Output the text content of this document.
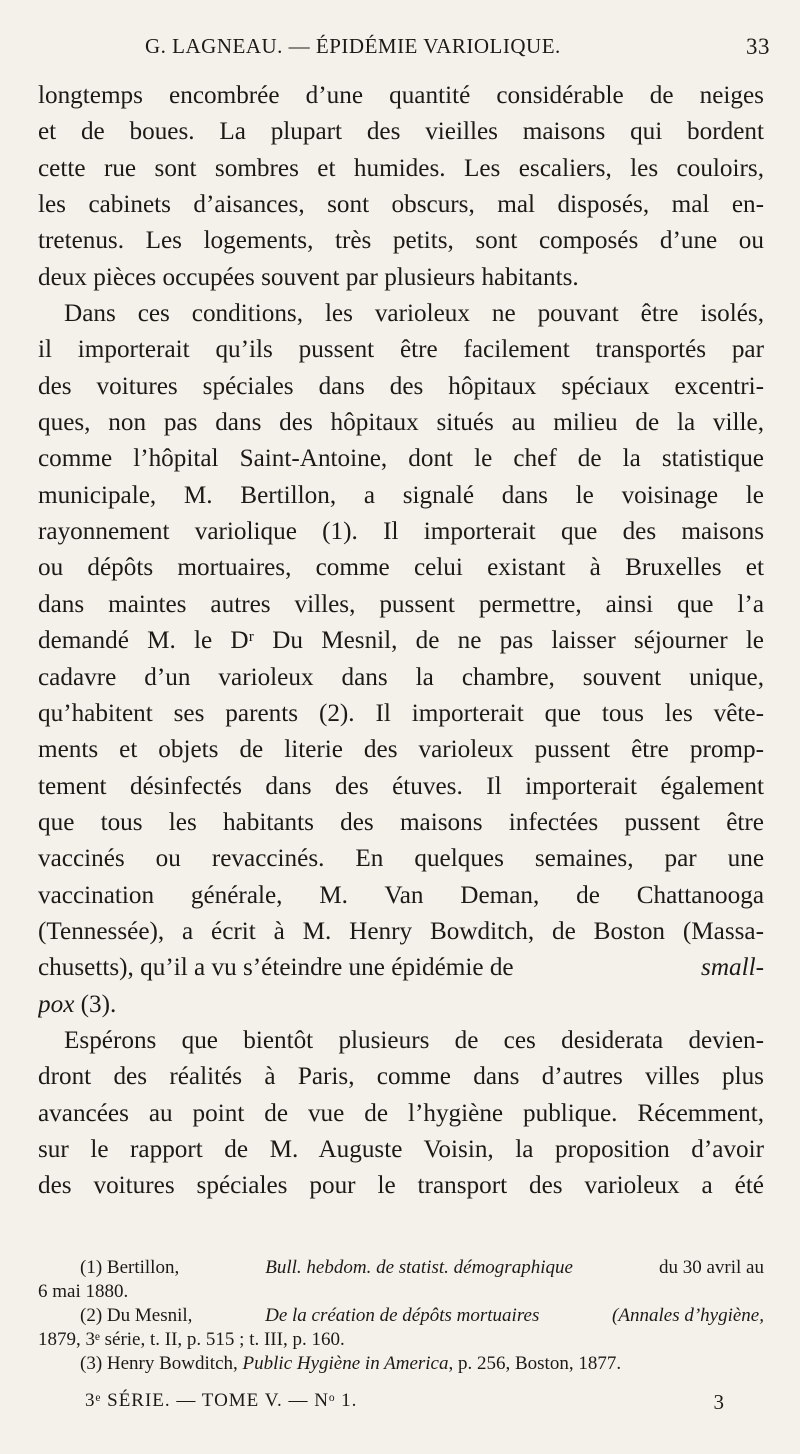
G. LAGNEAU. — ÉPIDÉMIE VARIOLIQUE.	33
longtemps encombrée d’une quantité considérable de neiges
et de boues. La plupart des vieilles maisons qui bordent
cette rue sont sombres et humides. Les escaliers, les couloirs,
les cabinets d’aisances, sont obscurs, mal disposés, mal en-
tretenus. Les logements, très petits, sont composés d’une ou
deux pièces occupées souvent par plusieurs habitants.
Dans ces conditions, les varioleux ne pouvant être isolés,
il importerait qu’ils pussent être facilement transportés par
des voitures spéciales dans des hôpitaux spéciaux excentri-
ques, non pas dans des hôpitaux situés au milieu de la ville,
comme l’hôpital Saint-Antoine, dont le chef de la statistique
municipale, M. Bertillon, a signalé dans le voisinage le
rayonnement variolique (1). Il importerait que des maisons
ou dépôts mortuaires, comme celui existant à Bruxelles et
dans maintes autres villes, pussent permettre, ainsi que l’a
demandé M. le Dʳ Du Mesnil, de ne pas laisser séjourner le
cadavre d’un varioleux dans la chambre, souvent unique,
qu’habitent ses parents (2). Il importerait que tous les vête-
ments et objets de literie des varioleux pussent être promp-
tement désinfectés dans des étuves. Il importerait également
que tous les habitants des maisons infectées pussent être
vaccinés ou revaccinés. En quelques semaines, par une
vaccination générale, M. Van Deman, de Chattanooga
(Tennessée), a écrit à M. Henry Bowditch, de Boston (Massa-
chusetts), qu’il a vu s’éteindre une épidémie de	small-
pox (3).
Espérons que bientôt plusieurs de ces desiderata devien-
dront des réalités à Paris, comme dans d’autres villes plus
avancées au point de vue de l’hygiène publique. Récemment,
sur le rapport de M. Auguste Voisin, la proposition d’avoir
des voitures spéciales pour le transport des varioleux a été
(1) Bertillon,	Bull. hebdom. de statist. démographique	du 30 avril au
6 mai 1880.
(2) Du Mesnil,	De la création de dépôts mortuaires	(Annales d’hygiène,
1879, 3ᵉ série, t. II, p. 515 ; t. III, p. 160.
(3) Henry Bowditch, Public Hygiène in America, p. 256, Boston, 1877.
3ᵉ SÉRIE. — TOME V. — Nᵒ 1.	3
